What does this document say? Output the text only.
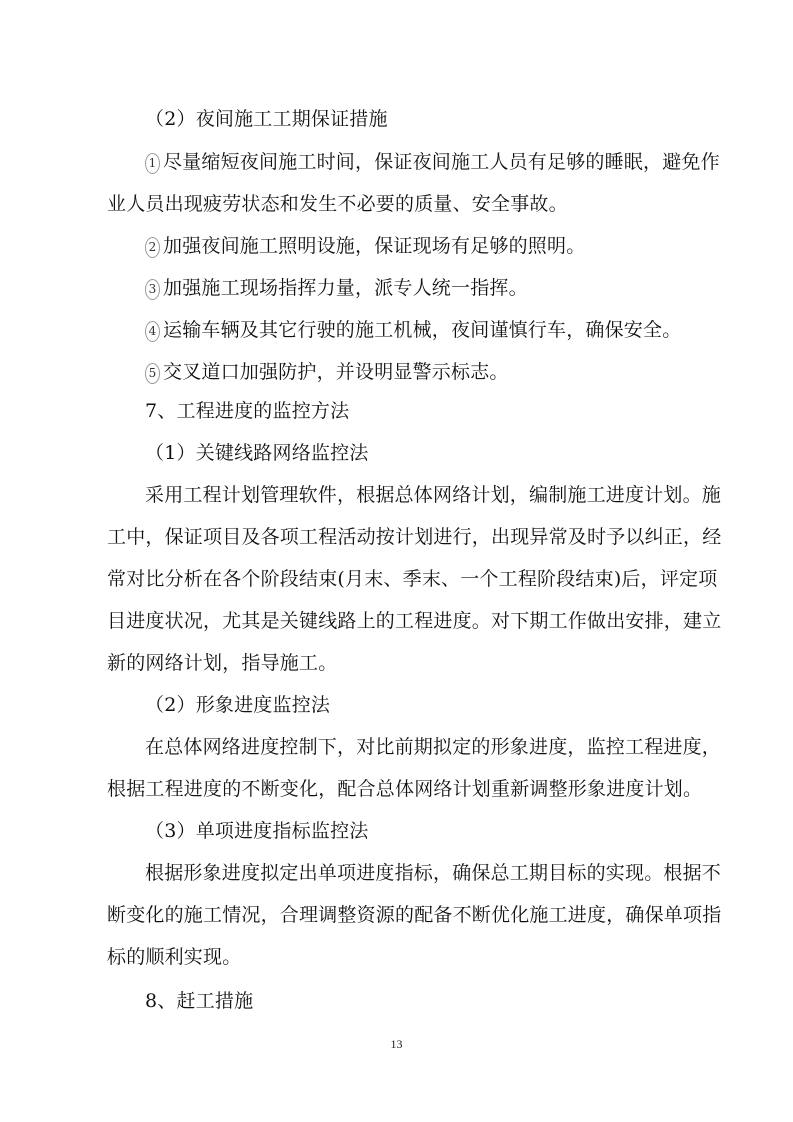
（2）夜间施工工期保证措施
1 尽量缩短夜间施工时间，保证夜间施工人员有足够的睡眠，避免作
业人员出现疲劳状态和发生不必要的质量、安全事故。
2 加强夜间施工照明设施，保证现场有足够的照明。
3 加强施工现场指挥力量，派专人统一指挥。
4 运输车辆及其它行驶的施工机械，夜间谨慎行车，确保安全。
5 交叉道口加强防护，并设明显警示标志。
7、工程进度的监控方法
（1）关键线路网络监控法
采用工程计划管理软件，根据总体网络计划，编制施工进度计划。施
工中，保证项目及各项工程活动按计划进行，出现异常及时予以纠正，经
常对比分析在各个阶段结束(月末、季末、一个工程阶段结束)后，评定项
目进度状况，尤其是关键线路上的工程进度。对下期工作做出安排，建立
新的网络计划，指导施工。
（2）形象进度监控法
在总体网络进度控制下，对比前期拟定的形象进度，监控工程进度，
根据工程进度的不断变化，配合总体网络计划重新调整形象进度计划。
（3）单项进度指标监控法
根据形象进度拟定出单项进度指标，确保总工期目标的实现。根据不
断变化的施工情况，合理调整资源的配备不断优化施工进度，确保单项指
标的顺利实现。
8、赶工措施
13
